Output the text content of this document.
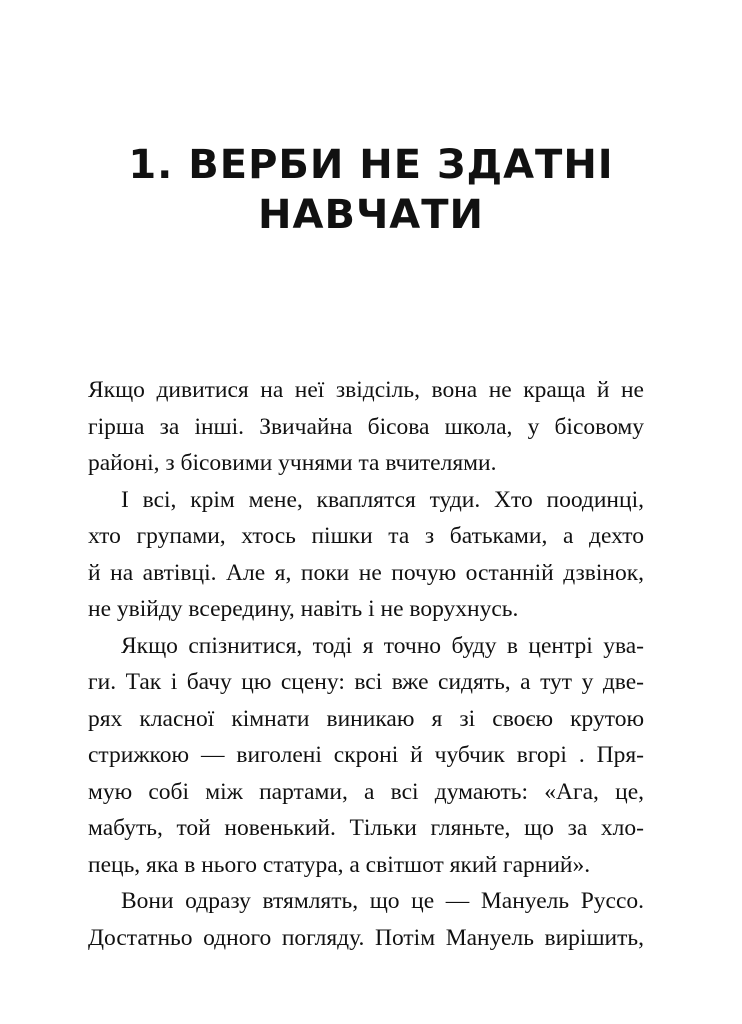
1. ВЕРБИ НЕ ЗДАТНІ
НАВЧАТИ
Якщо дивитися на неї звідсіль, вона не краща й не
гірша за інші. Звичайна бісова школа, у бісовому
районі, з бісовими учнями та вчителями.
І всі, крім мене, кваплятся туди. Хто поодинці,
хто групами, хтось пішки та з батьками, а дехто
й на автівці. Але я, поки не почую останній дзвінок,
не увійду всередину, навіть і не ворухнусь.
Якщо спізнитися, тоді я точно буду в центрі ува-
ги. Так і бачу цю сцену: всі вже сидять, а тут у две-
рях класної кімнати виникаю я зі своєю крутою
стрижкою — виголені скроні й чубчик вгорі . Пря-
мую собі між партами, а всі думають: «Ага, це,
мабуть, той новенький. Тільки гляньте, що за хло-
пець, яка в нього статура, а світшот який гарний».
Вони одразу втямлять, що це — Мануель Руссо.
Достатньо одного погляду. Потім Мануель вирішить,
